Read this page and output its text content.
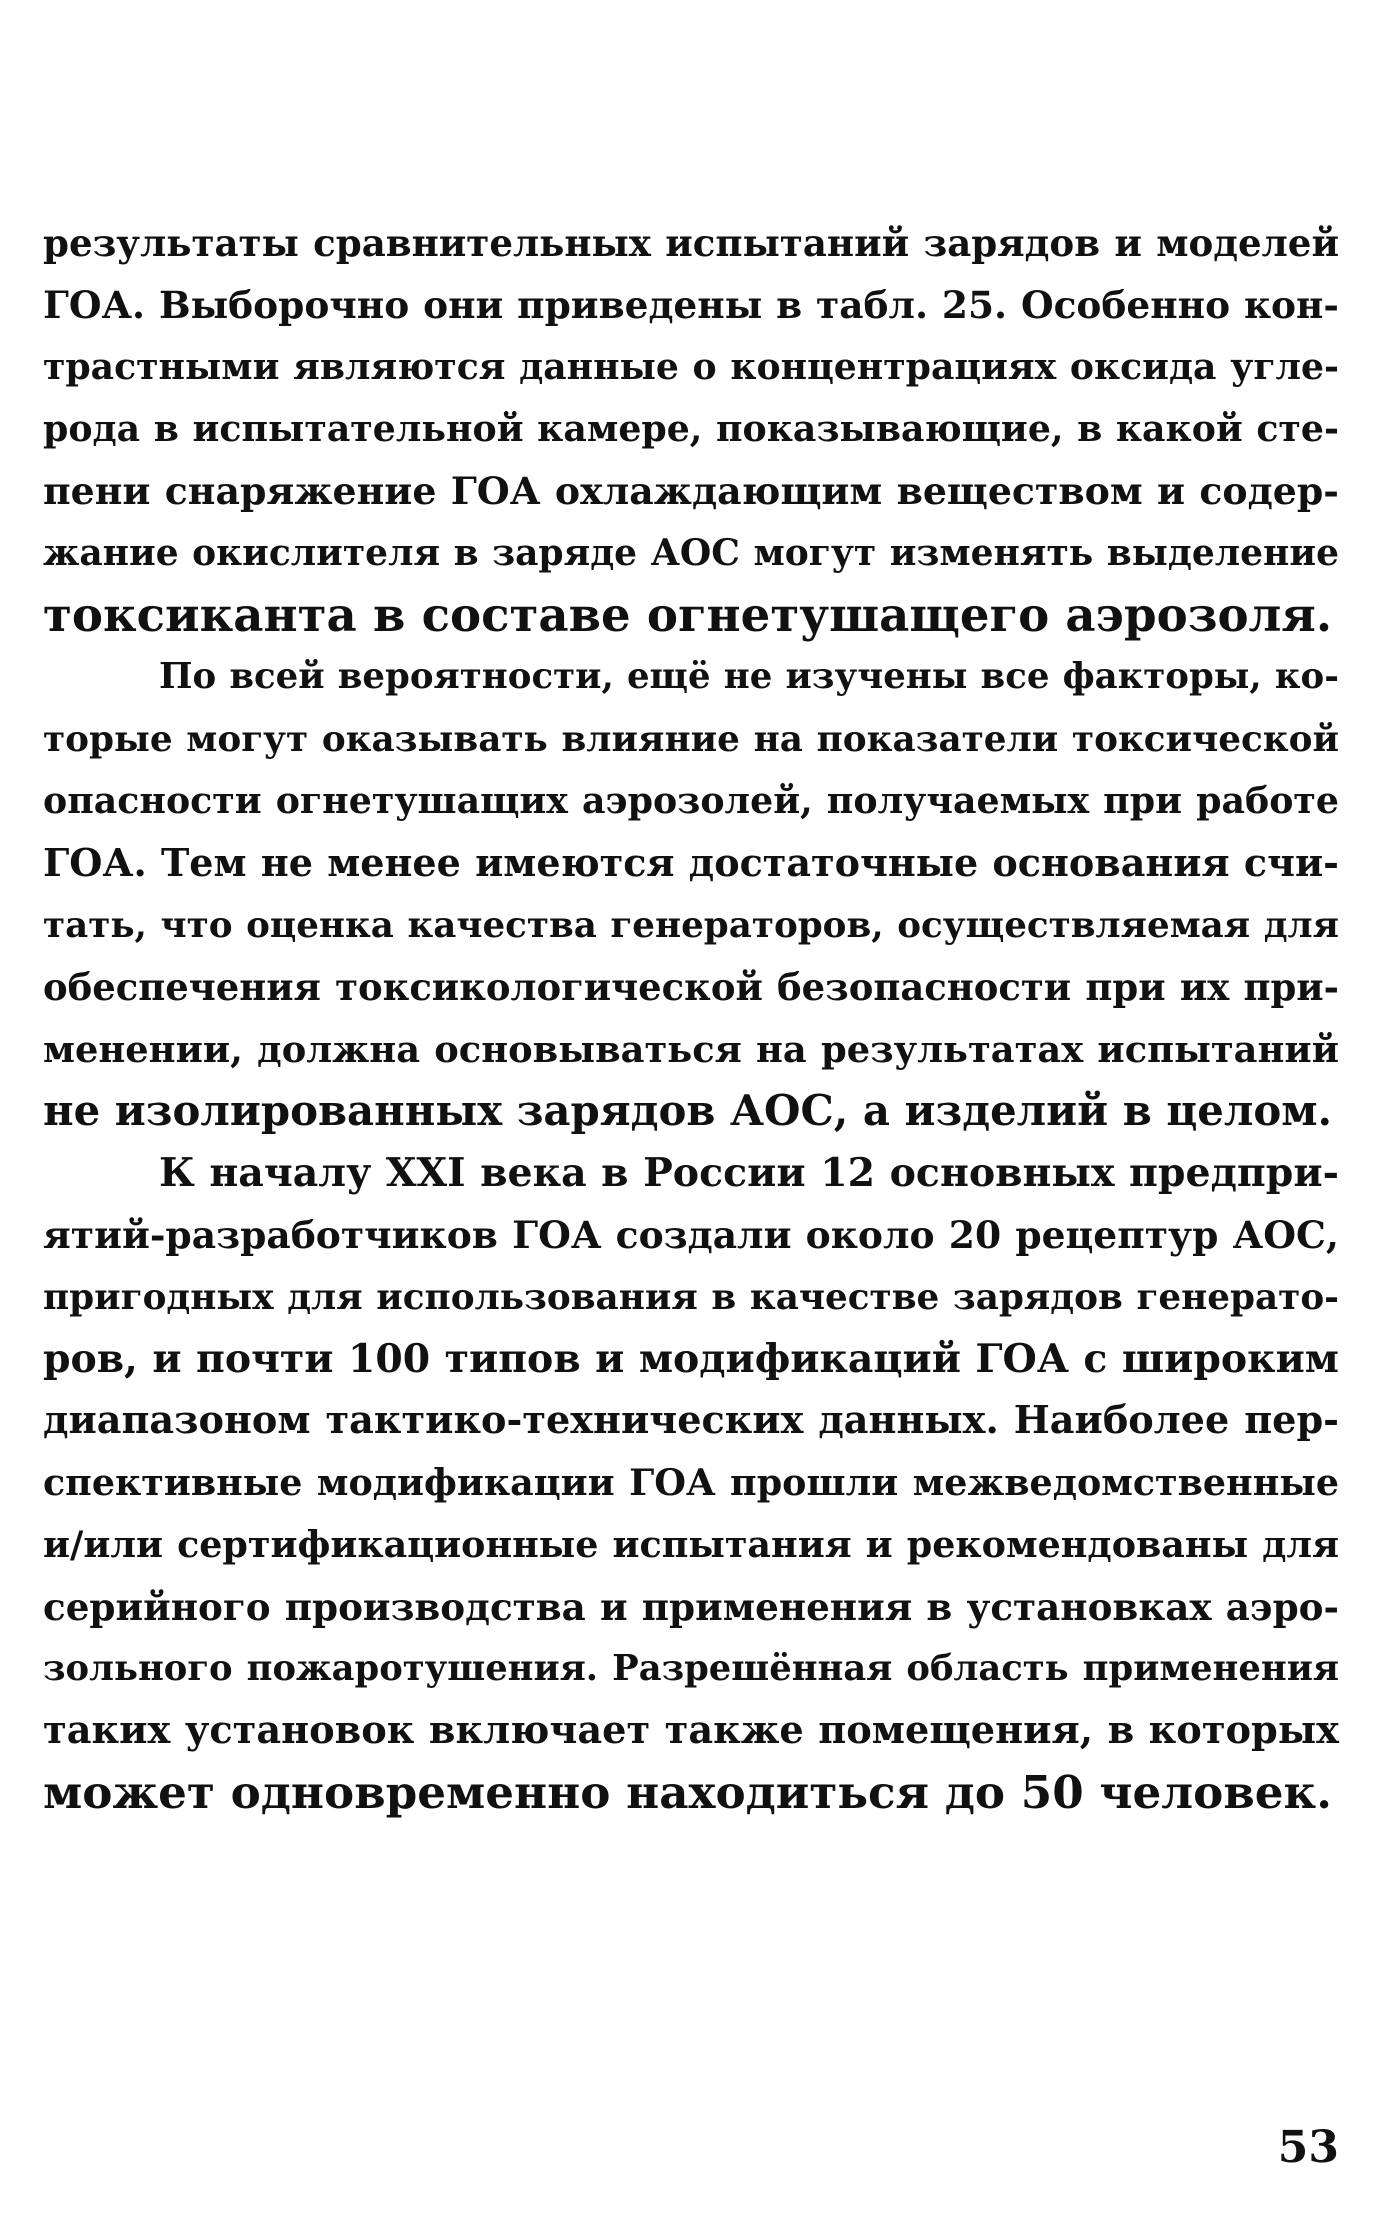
результаты сравнительных испытаний зарядов и моделей
ГОА. Выборочно они приведены в табл. 25. Особенно кон-
трастными являются данные о концентрациях оксида угле-
рода в испытательной камере, показывающие, в какой сте-
пени снаряжение ГОА охлаждающим веществом и содер-
жание окислителя в заряде АОС могут изменять выделение
токсиканта в составе огнетушащего аэрозоля.
По всей вероятности, ещё не изучены все факторы, ко-
торые могут оказывать влияние на показатели токсической
опасности огнетушащих аэрозолей, получаемых при работе
ГОА. Тем не менее имеются достаточные основания счи-
тать, что оценка качества генераторов, осуществляемая для
обеспечения токсикологической безопасности при их при-
менении, должна основываться на результатах испытаний
не изолированных зарядов АОС, а изделий в целом.
К началу XXI века в России 12 основных предпри-
ятий-разработчиков ГОА создали около 20 рецептур АОС,
пригодных для использования в качестве зарядов генерато-
ров, и почти 100 типов и модификаций ГОА с широким
диапазоном тактико-технических данных. Наиболее пер-
спективные модификации ГОА прошли межведомственные
и/или сертификационные испытания и рекомендованы для
серийного производства и применения в установках аэро-
зольного пожаротушения. Разрешённая область применения
таких установок включает также помещения, в которых
может одновременно находиться до 50 человек.
53
